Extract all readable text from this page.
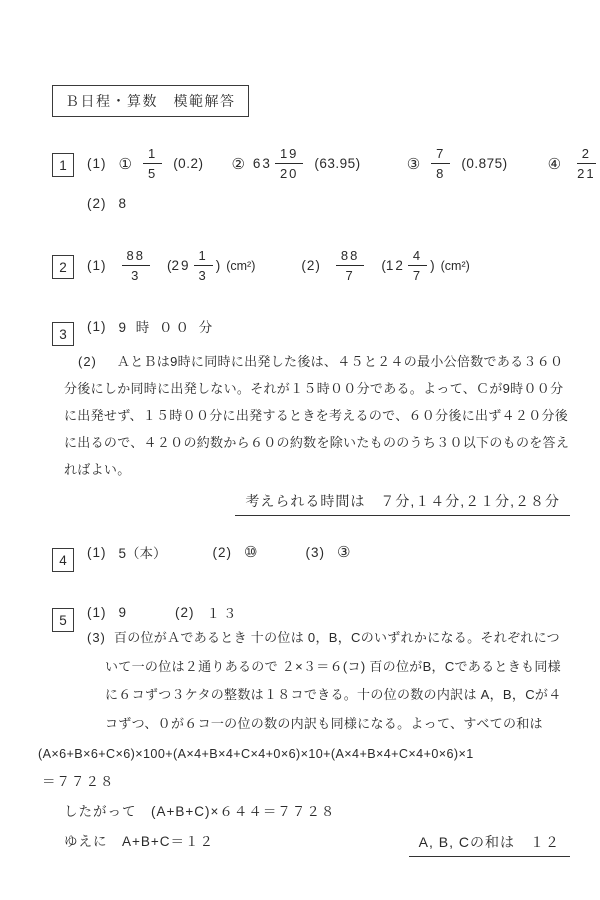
Ｂ日程・算数　模範解答
1	(1) ① $\frac{1}{5} (0.2)$ ② $63 \frac{19}{20} (63.95)$	③ $\frac{7}{8} (0.875)$	④ $\frac{2}{21}$
(2) 8
2	$(1) \frac{88}{3}$ ( $29 \frac{1}{3}$ ) (cm²)	$(2) \frac{88}{7}$ ( $12 \frac{4}{7}$ ) (cm²)
3
(1) 9 時 ００ 分

(2) ＡとＢは9時に同時に出発した後は、４５と２４の最小公倍数である３６０分後にしか同時に出発しない。それが１５時００分である。よって、Ｃが9時００分に出発せず、１５時００分に出発するときを考えるので、６０分後に出ず４２０分後に出るので、４２０の約数から６０の約数を除いたもののうち３０以下のものを答えればよい。

考えられる時間は　７分,１４分,２１分,２８分
4
(1) 5（本）	(2) ⑩	(3) ③
5
(1) 9	(2) １３

(3) 百の位がＡであるとき 十の位は 0，B，Cのいずれかになる。それぞれについて一の位は２通りあるので ２×３＝６(コ) 百の位がB，Cであるときも同様に６コずつ３ケタの整数は１８コできる。十の位の数の内訳は A，B，Cが４コずつ、０が６コ一の位の数の内訳も同様になる。よって、すべての和は

(A×6+B×6+C×6)×100+(A×4+B×4+C×4+0×6)×10+(A×4+B×4+C×4+0×6)×1
＝７７２８
したがって　(A+B+C)×６４４＝７７２８
ゆえに　A+B+C＝１２	A, B, Cの和は　１２
